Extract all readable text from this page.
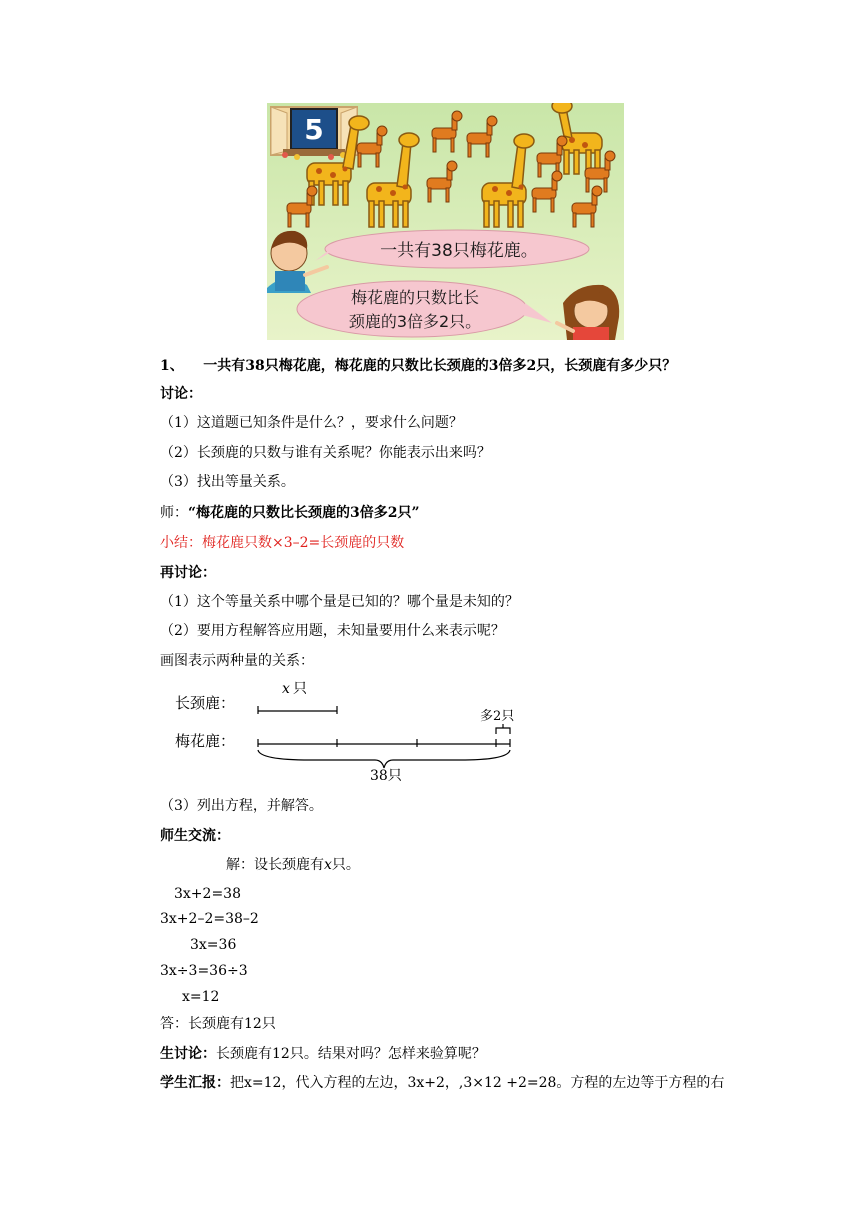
5
一共有38只梅花鹿。
梅花鹿的只数比长
颈鹿的3倍多2只。
1、 一共有38只梅花鹿，梅花鹿的只数比长颈鹿的3倍多2只，长颈鹿有多少只？
讨论：
（1）这道题已知条件是什么？，要求什么问题？
（2）长颈鹿的只数与谁有关系呢？你能表示出来吗？
（3）找出等量关系。
师：“梅花鹿的只数比长颈鹿的3倍多2只”
小结：梅花鹿只数×3–2=长颈鹿的只数
再讨论：
（1）这个等量关系中哪个量是已知的？哪个量是未知的？
（2）要用方程解答应用题，未知量要用什么来表示呢？
画图表示两种量的关系：
长颈鹿：
梅花鹿：
x 只
多2只
38只
（3）列出方程，并解答。
师生交流：
解：设长颈鹿有x只。
3x+2=38
3x+2–2=38–2
3x=36
3x÷3=36÷3
x=12
答：长颈鹿有12只
生讨论：长颈鹿有12只。结果对吗？怎样来验算呢？
学生汇报：把x=12，代入方程的左边，3x+2，,3×12 +2=28。方程的左边等于方程的右
